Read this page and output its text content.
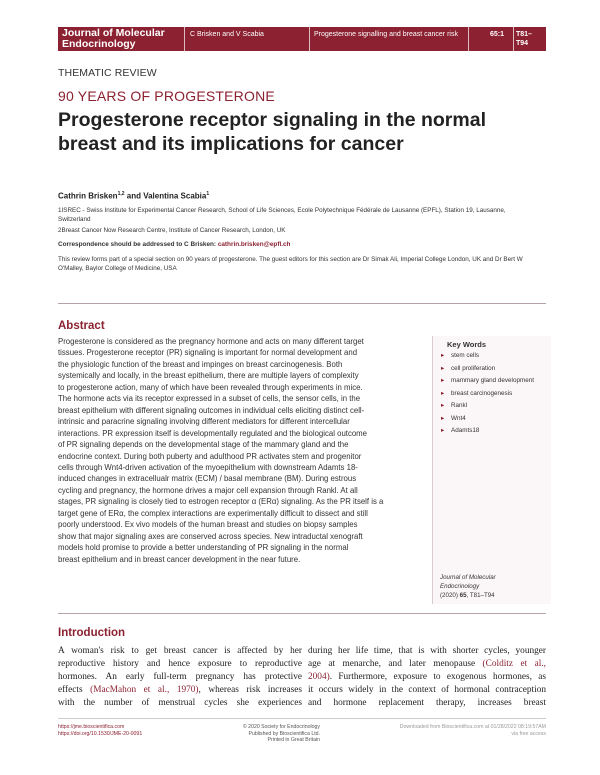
Journal of Molecular Endocrinology
C Brisken and V Scabia	Progesterone signalling and breast cancer risk	65:1	T81–T94
THEMATIC REVIEW
90 YEARS OF PROGESTERONE
Progesterone receptor signaling in the normal breast and its implications for cancer
Cathrin Brisken$^{1,2}$ and Valentina Scabia$^1$
1ISREC - Swiss Institute for Experimental Cancer Research, School of Life Sciences, Ecole Polytechnique Fédérale de Lausanne (EPFL), Station 19, Lausanne, Switzerland
2Breast Cancer Now Research Centre, Institute of Cancer Research, London, UK
Correspondence should be addressed to C Brisken: cathrin.brisken@epfl.ch
This review forms part of a special section on 90 years of progesterone. The guest editors for this section are Dr Simak Ali, Imperial College London, UK and Dr Bert W O'Malley, Baylor College of Medicine, USA
Abstract
Progesterone is considered as the pregnancy hormone and acts on many different target
tissues. Progesterone receptor (PR) signaling is important for normal development and
the physiologic function of the breast and impinges on breast carcinogenesis. Both
systemically and locally, in the breast epithelium, there are multiple layers of complexity
to progesterone action, many of which have been revealed through experiments in mice.
The hormone acts via its receptor expressed in a subset of cells, the sensor cells, in the
breast epithelium with different signaling outcomes in individual cells eliciting distinct cell-
intrinsic and paracrine signaling involving different mediators for different intercellular
interactions. PR expression itself is developmentally regulated and the biological outcome
of PR signaling depends on the developmental stage of the mammary gland and the
endocrine context. During both puberty and adulthood PR activates stem and progenitor
cells through Wnt4-driven activation of the myoepithelium with downstream Adamts 18-
induced changes in extracellualr matrix (ECM) / basal membrane (BM). During estrous
cycling and pregnancy, the hormone drives a major cell expansion through Rankl. At all
stages, PR signaling is closely tied to estrogen receptor α (ERα) signaling. As the PR itself is a
target gene of ERα, the complex interactions are experimentally difficult to dissect and still
poorly understood. Ex vivo models of the human breast and studies on biopsy samples
show that major signaling axes are conserved across species. New intraductal xenograft
models hold promise to provide a better understanding of PR signaling in the normal
breast epithelium and in breast cancer development in the near future.
Key Words
▸ stem cells
▸ cell proliferation
▸ mammary gland development
▸ breast carcinogenesis
▸ Rankl
▸ Wnt4
▸ Adamts18
Journal of Molecular
Endocrinology
(2020) 65, T81–T94
Introduction
A woman's risk to get breast cancer is affected by her
reproductive history and hence exposure to reproductive
hormones. An early full-term pregnancy has protective
effects (MacMahon et al., 1970), whereas risk increases
with the number of menstrual cycles she experiences
during her life time, that is with shorter cycles, younger
age at menarche, and later menopause (Colditz et al.,
2004). Furthermore, exposure to exogenous hormones, as
it occurs widely in the context of hormonal contraception
and hormone replacement therapy, increases breast
https://jme.bioscientifica.com
https://doi.org/10.1530/JME-20-0091
© 2020 Society for Endocrinology
Published by Bioscientifica Ltd.
Printed in Great Britain
Downloaded from Bioscientifica.com at 01/28/2022 08:19:57AM
via free access
